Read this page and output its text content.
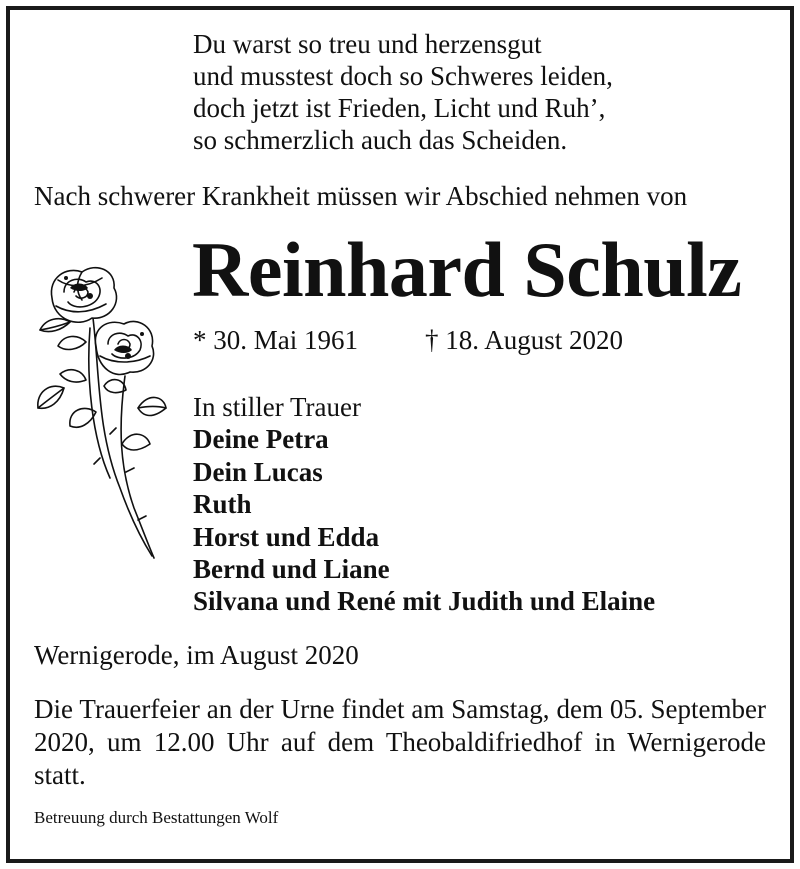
Du warst so treu und herzensgut
und musstest doch so Schweres leiden,
doch jetzt ist Frieden, Licht und Ruh’,
so schmerzlich auch das Scheiden.
Nach schwerer Krankheit müssen wir Abschied nehmen von
Reinhard Schulz
* 30. Mai 1961 † 18. August 2020
In stiller Trauer
Deine Petra
Dein Lucas
Ruth
Horst und Edda
Bernd und Liane
Silvana und René mit Judith und Elaine
Wernigerode, im August 2020
Die Trauerfeier an der Urne findet am Samstag, dem 05. September 2020, um 12.00 Uhr auf dem Theobaldifriedhof in Wernigerode statt.
Betreuung durch Bestattungen Wolf
